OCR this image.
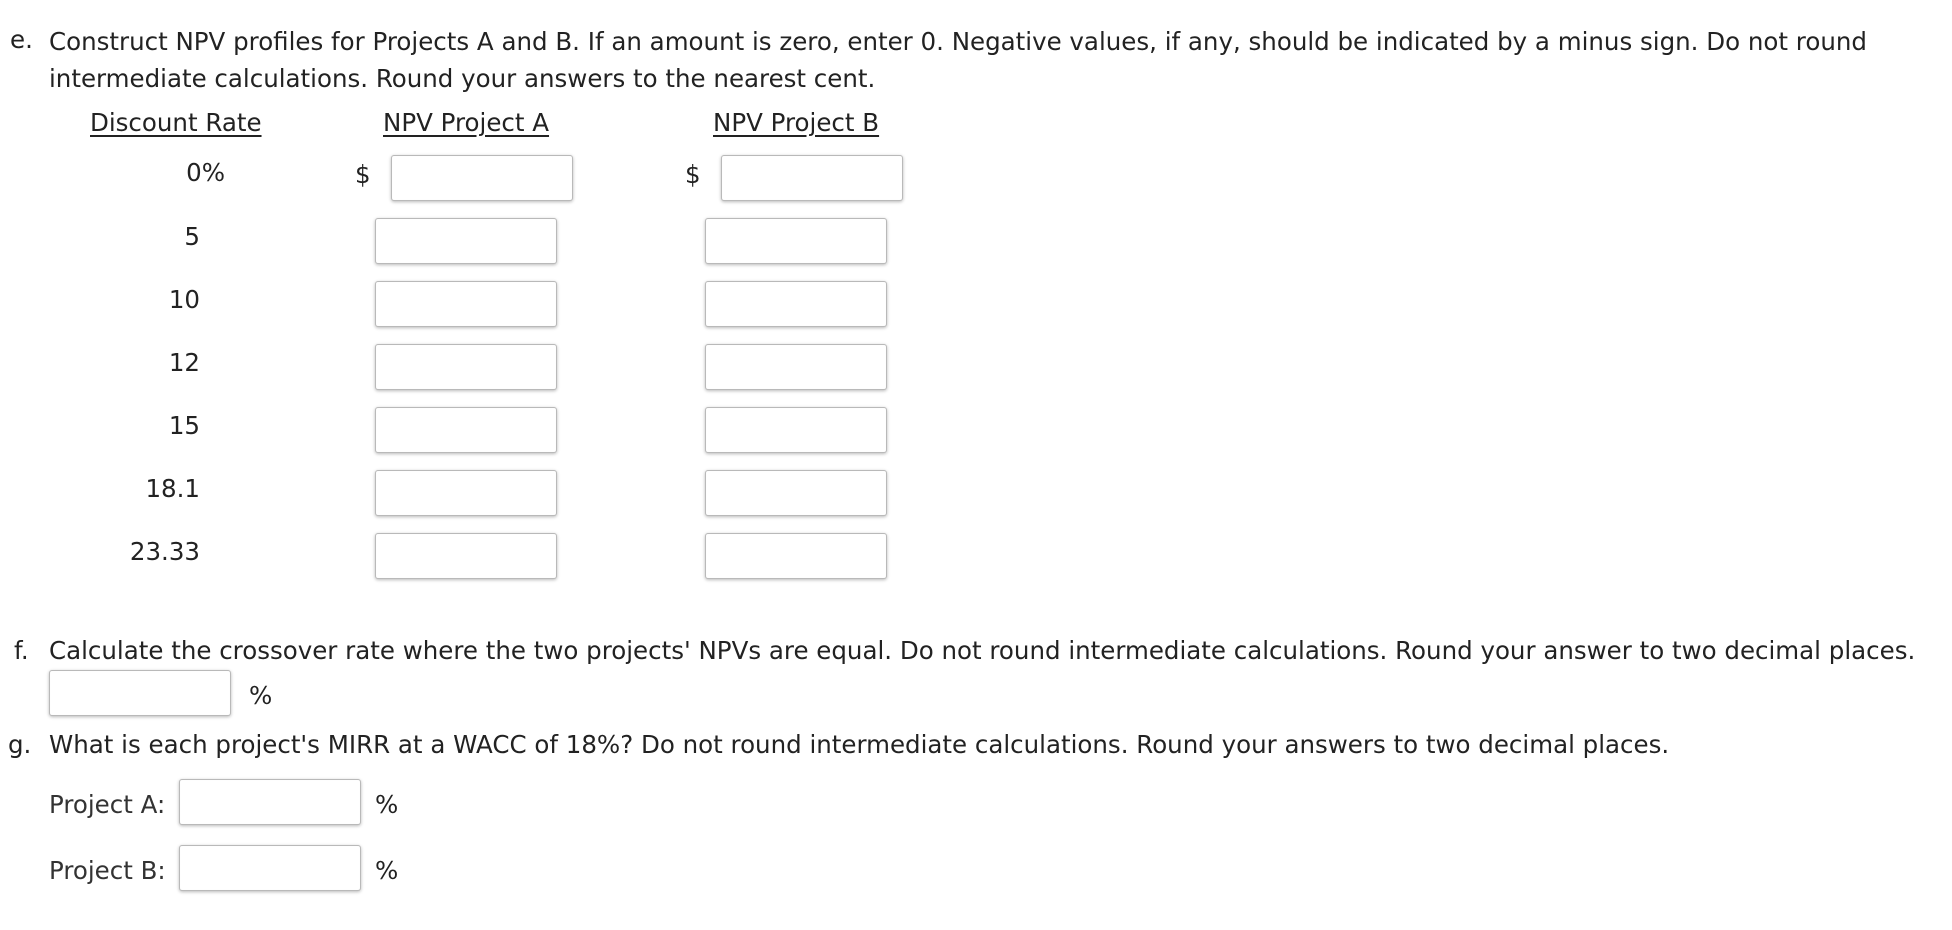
e. Construct NPV profiles for Projects A and B. If an amount is zero, enter 0. Negative values, if any, should be indicated by a minus sign. Do not round
intermediate calculations. Round your answers to the nearest cent.
Discount Rate	NPV Project A	NPV Project B
0%	$	$
5
10
12
15
18.1
23.33
f. Calculate the crossover rate where the two projects' NPVs are equal. Do not round intermediate calculations. Round your answer to two decimal places.
%
g. What is each project's MIRR at a WACC of 18%? Do not round intermediate calculations. Round your answers to two decimal places.
Project A:	%
Project B:	%
